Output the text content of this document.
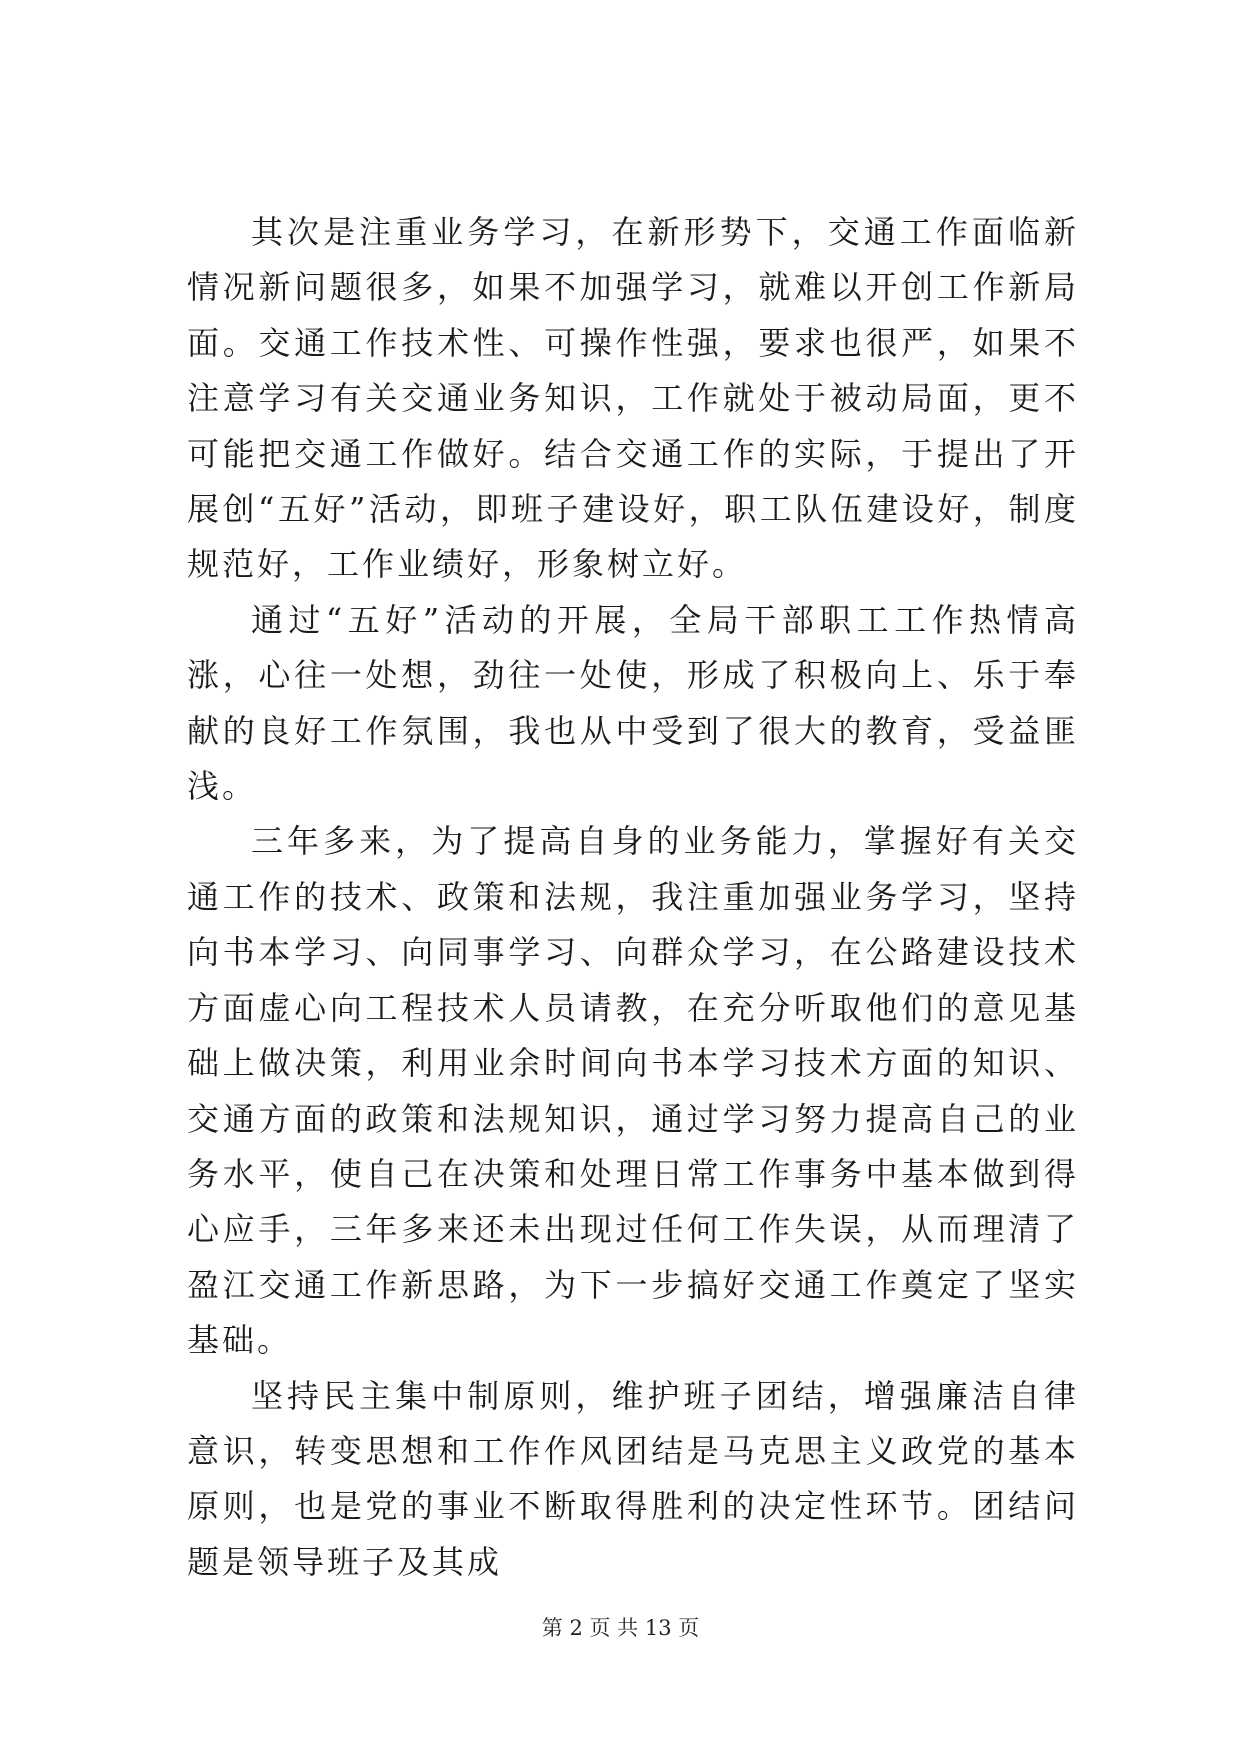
其次是注重业务学习，在新形势下，交通工作面临新情况新问题很多，如果不加强学习，就难以开创工作新局面。交通工作技术性、可操作性强，要求也很严，如果不注意学习有关交通业务知识，工作就处于被动局面，更不可能把交通工作做好。结合交通工作的实际，于提出了开展创“五好”活动，即班子建设好，职工队伍建设好，制度规范好，工作业绩好，形象树立好。

通过“五好”活动的开展，全局干部职工工作热情高涨，心往一处想，劲往一处使，形成了积极向上、乐于奉献的良好工作氛围，我也从中受到了很大的教育，受益匪浅。

三年多来，为了提高自身的业务能力，掌握好有关交通工作的技术、政策和法规，我注重加强业务学习，坚持向书本学习、向同事学习、向群众学习，在公路建设技术方面虚心向工程技术人员请教，在充分听取他们的意见基础上做决策，利用业余时间向书本学习技术方面的知识、交通方面的政策和法规知识，通过学习努力提高自己的业务水平，使自己在决策和处理日常工作事务中基本做到得心应手，三年多来还未出现过任何工作失误，从而理清了盈江交通工作新思路，为下一步搞好交通工作奠定了坚实基础。

坚持民主集中制原则，维护班子团结，增强廉洁自律意识，转变思想和工作作风团结是马克思主义政党的基本原则，也是党的事业不断取得胜利的决定性环节。团结问题是领导班子及其成

第 2 页 共 13 页
